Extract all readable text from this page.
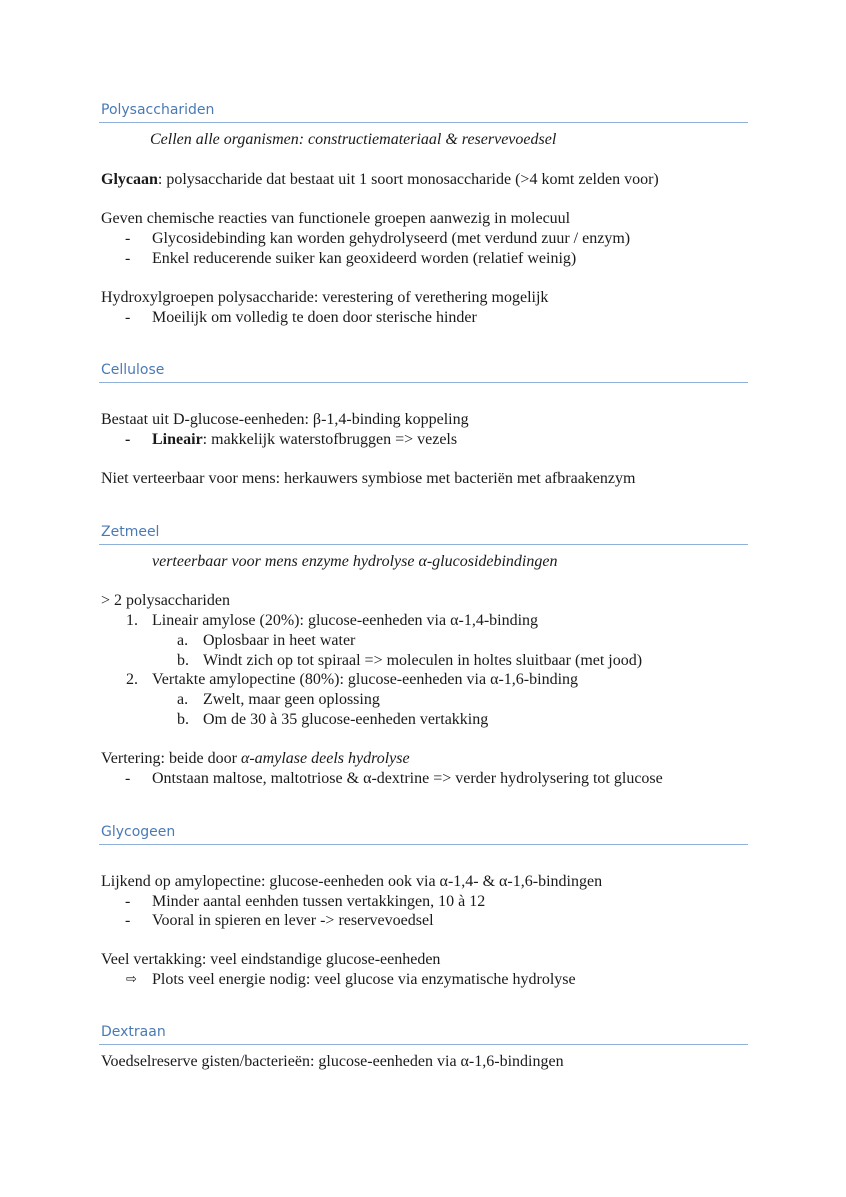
Polysacchariden
Cellen alle organismen: constructiemateriaal & reservevoedsel
Glycaan: polysaccharide dat bestaat uit 1 soort monosaccharide (>4 komt zelden voor)
Geven chemische reacties van functionele groepen aanwezig in molecuul
- Glycosidebinding kan worden gehydrolyseerd (met verdund zuur / enzym)
- Enkel reducerende suiker kan geoxideerd worden (relatief weinig)
Hydroxylgroepen polysaccharide: verestering of verethering mogelijk
- Moeilijk om volledig te doen door sterische hinder
Cellulose
Bestaat uit D-glucose-eenheden: β-1,4-binding koppeling
- Lineair: makkelijk waterstofbruggen => vezels
Niet verteerbaar voor mens: herkauwers symbiose met bacteriën met afbraakenzym
Zetmeel
verteerbaar voor mens enzyme hydrolyse α-glucosidebindingen
> 2 polysacchariden
1. Lineair amylose (20%): glucose-eenheden via α-1,4-binding
a. Oplosbaar in heet water
b. Windt zich op tot spiraal => moleculen in holtes sluitbaar (met jood)
2. Vertakte amylopectine (80%): glucose-eenheden via α-1,6-binding
a. Zwelt, maar geen oplossing
b. Om de 30 à 35 glucose-eenheden vertakking
Vertering: beide door α-amylase deels hydrolyse
- Ontstaan maltose, maltotriose & α-dextrine => verder hydrolysering tot glucose
Glycogeen
Lijkend op amylopectine: glucose-eenheden ook via α-1,4- & α-1,6-bindingen
- Minder aantal eenhden tussen vertakkingen, 10 à 12
- Vooral in spieren en lever -> reservevoedsel
Veel vertakking: veel eindstandige glucose-eenheden
⇨ Plots veel energie nodig: veel glucose via enzymatische hydrolyse
Dextraan
Voedselreserve gisten/bacterieën: glucose-eenheden via α-1,6-bindingen
